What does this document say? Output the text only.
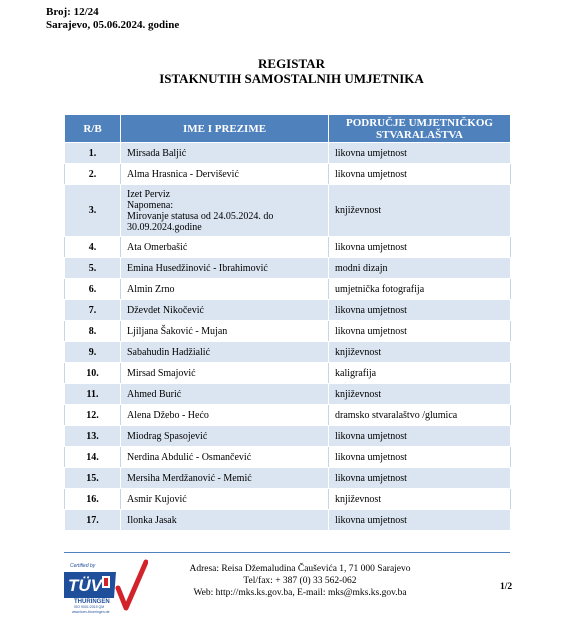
Broj: 12/24
Sarajevo, 05.06.2024. godine
REGISTAR
ISTAKNUTIH SAMOSTALNIH UMJETNIKA
R/B	IME I PREZIME	PODRUČJE UMJETNIČKOG STVARALAŠTVA
1.	Mirsada Baljić	likovna umjetnost
2.	Alma Hrasnica - Dervišević	likovna umjetnost
3.	Izet Perviz
Napomena:
Mirovanje statusa od 24.05.2024. do
30.09.2024.godine	književnost
4.	Ata Omerbašić	likovna umjetnost
5.	Emina Husedžinović - Ibrahimović	modni dizajn
6.	Almin Zrno	umjetnička fotografija
7.	Dževdet Nikočević	likovna umjetnost
8.	Ljiljana Šaković - Mujan	likovna umjetnost
9.	Sabahudin Hadžialić	književnost
10.	Mirsad Smajović	kaligrafija
11.	Ahmed Burić	književnost
12.	Alena Džebo - Hećo	dramsko stvaralaštvo /glumica
13.	Miodrag Spasojević	likovna umjetnost
14.	Nerdina Abdulić - Osmančević	likovna umjetnost
15.	Mersiha Merdžanović - Memić	likovna umjetnost
16.	Asmir Kujović	književnost
17.	Ilonka Jasak	likovna umjetnost
Certified by
TÜV
THÜRINGEN
ISO 9001:2015 QM
www.tuev-thueringen.de
Adresa: Reisa Džemaludina Čauševića 1, 71 000 Sarajevo
Tel/fax: + 387 (0) 33 562-062
Web: http://mks.ks.gov.ba, E-mail: mks@mks.ks.gov.ba
1/2
